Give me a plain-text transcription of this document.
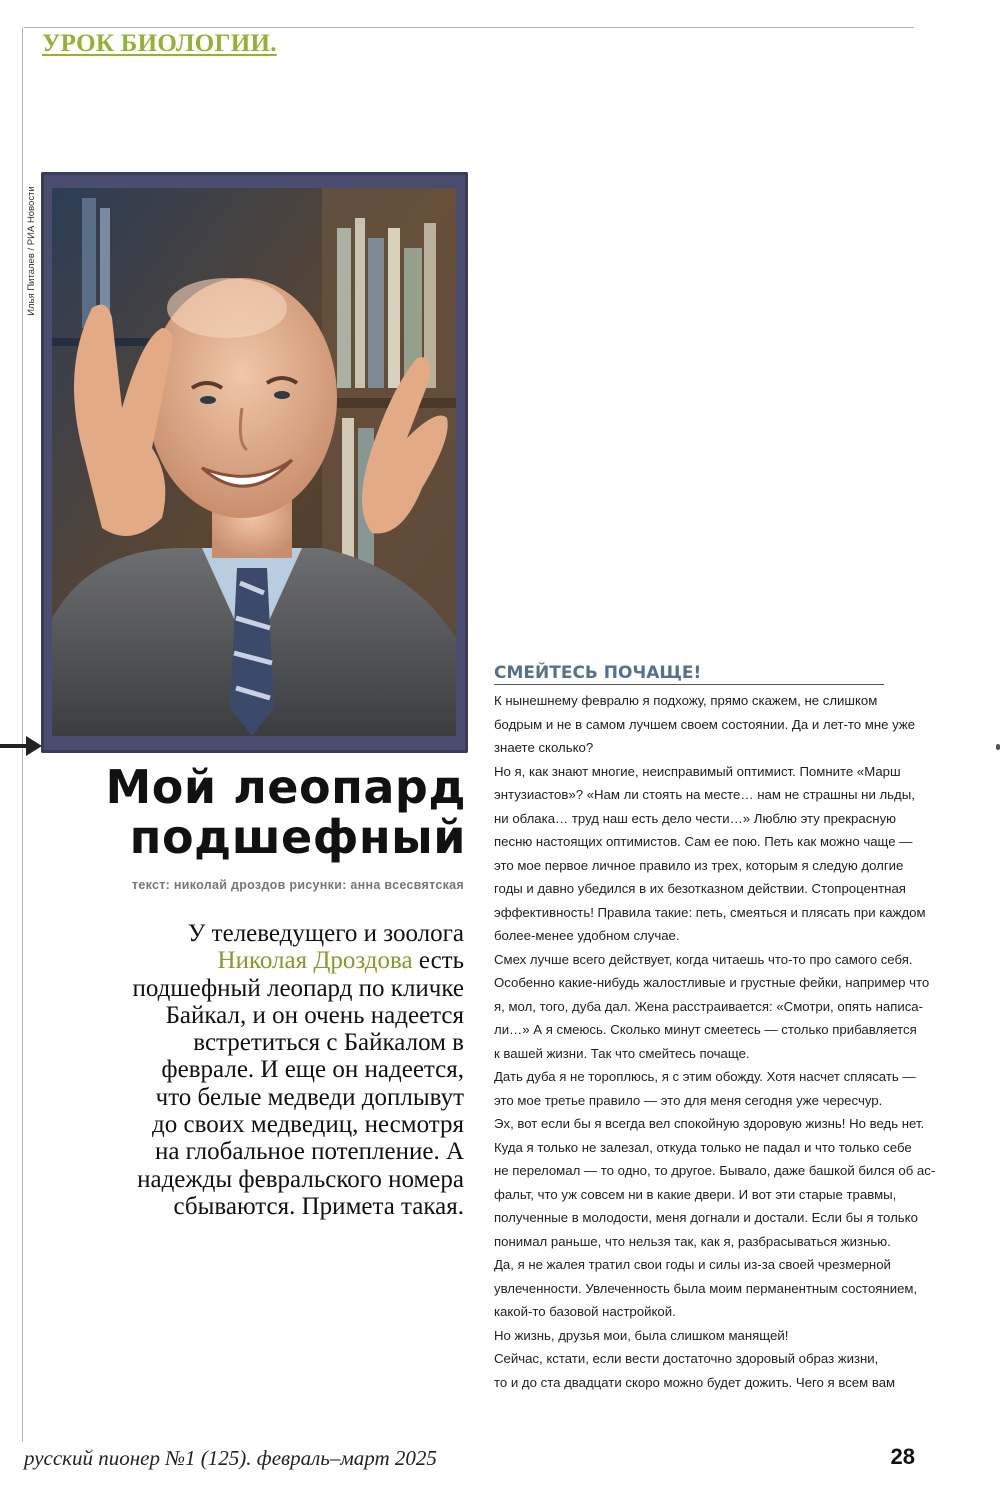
УРОК БИОЛОГИИ.
Илья Питалев / РИА Новости
Мой леопард
подшефный
текст: николай дроздов рисунки: анна всесвятская

У телеведущего и зоолога Николая Дроздова есть подшефный леопард по кличке Байкал, и он очень надеется встретиться с Байкалом в феврале. И еще он надеется, что белые медведи доплывут до своих медведиц, несмотря на глобальное потепление. А надежды февральского номера сбываются. Примета такая.

СМЕЙТЕСЬ ПОЧАЩЕ!

К нынешнему февралю я подхожу, прямо скажем, не слишком

бодрым и не в самом лучшем своем состоянии. Да и лет-то мне уже

знаете сколько?

Но я, как знают многие, неисправимый оптимист. Помните «Марш

энтузиастов»? «Нам ли стоять на месте… нам не страшны ни льды,

ни облака… труд наш есть дело чести…» Люблю эту прекрасную

песню настоящих оптимистов. Сам ее пою. Петь как можно чаще —

это мое первое личное правило из трех, которым я следую долгие

годы и давно убедился в их безотказном действии. Стопроцентная

эффективность! Правила такие: петь, смеяться и плясать при каждом

более-менее удобном случае.

Смех лучше всего действует, когда читаешь что-то про самого себя.

Особенно какие-нибудь жалостливые и грустные фейки, например что

я, мол, того, дуба дал. Жена расстраивается: «Смотри, опять написа-

ли…» А я смеюсь. Сколько минут смеетесь — столько прибавляется

к вашей жизни. Так что смейтесь почаще.

Дать дуба я не тороплюсь, я с этим обожду. Хотя насчет сплясать —

это мое третье правило — это для меня сегодня уже чересчур.

Эх, вот если бы я всегда вел спокойную здоровую жизнь! Но ведь нет.

Куда я только не залезал, откуда только не падал и что только себе

не переломал — то одно, то другое. Бывало, даже башкой бился об ас-

фальт, что уж совсем ни в какие двери. И вот эти старые травмы,

полученные в молодости, меня догнали и достали. Если бы я только

понимал раньше, что нельзя так, как я, разбрасываться жизнью.

Да, я не жалея тратил свои годы и силы из-за своей чрезмерной

увлеченности. Увлеченность была моим перманентным состоянием,

какой-то базовой настройкой.

Но жизнь, друзья мои, была слишком манящей!

Сейчас, кстати, если вести достаточно здоровый образ жизни,

то и до ста двадцати скоро можно будет дожить. Чего я всем вам

русский пионер №1 (125). февраль–март 2025	28
